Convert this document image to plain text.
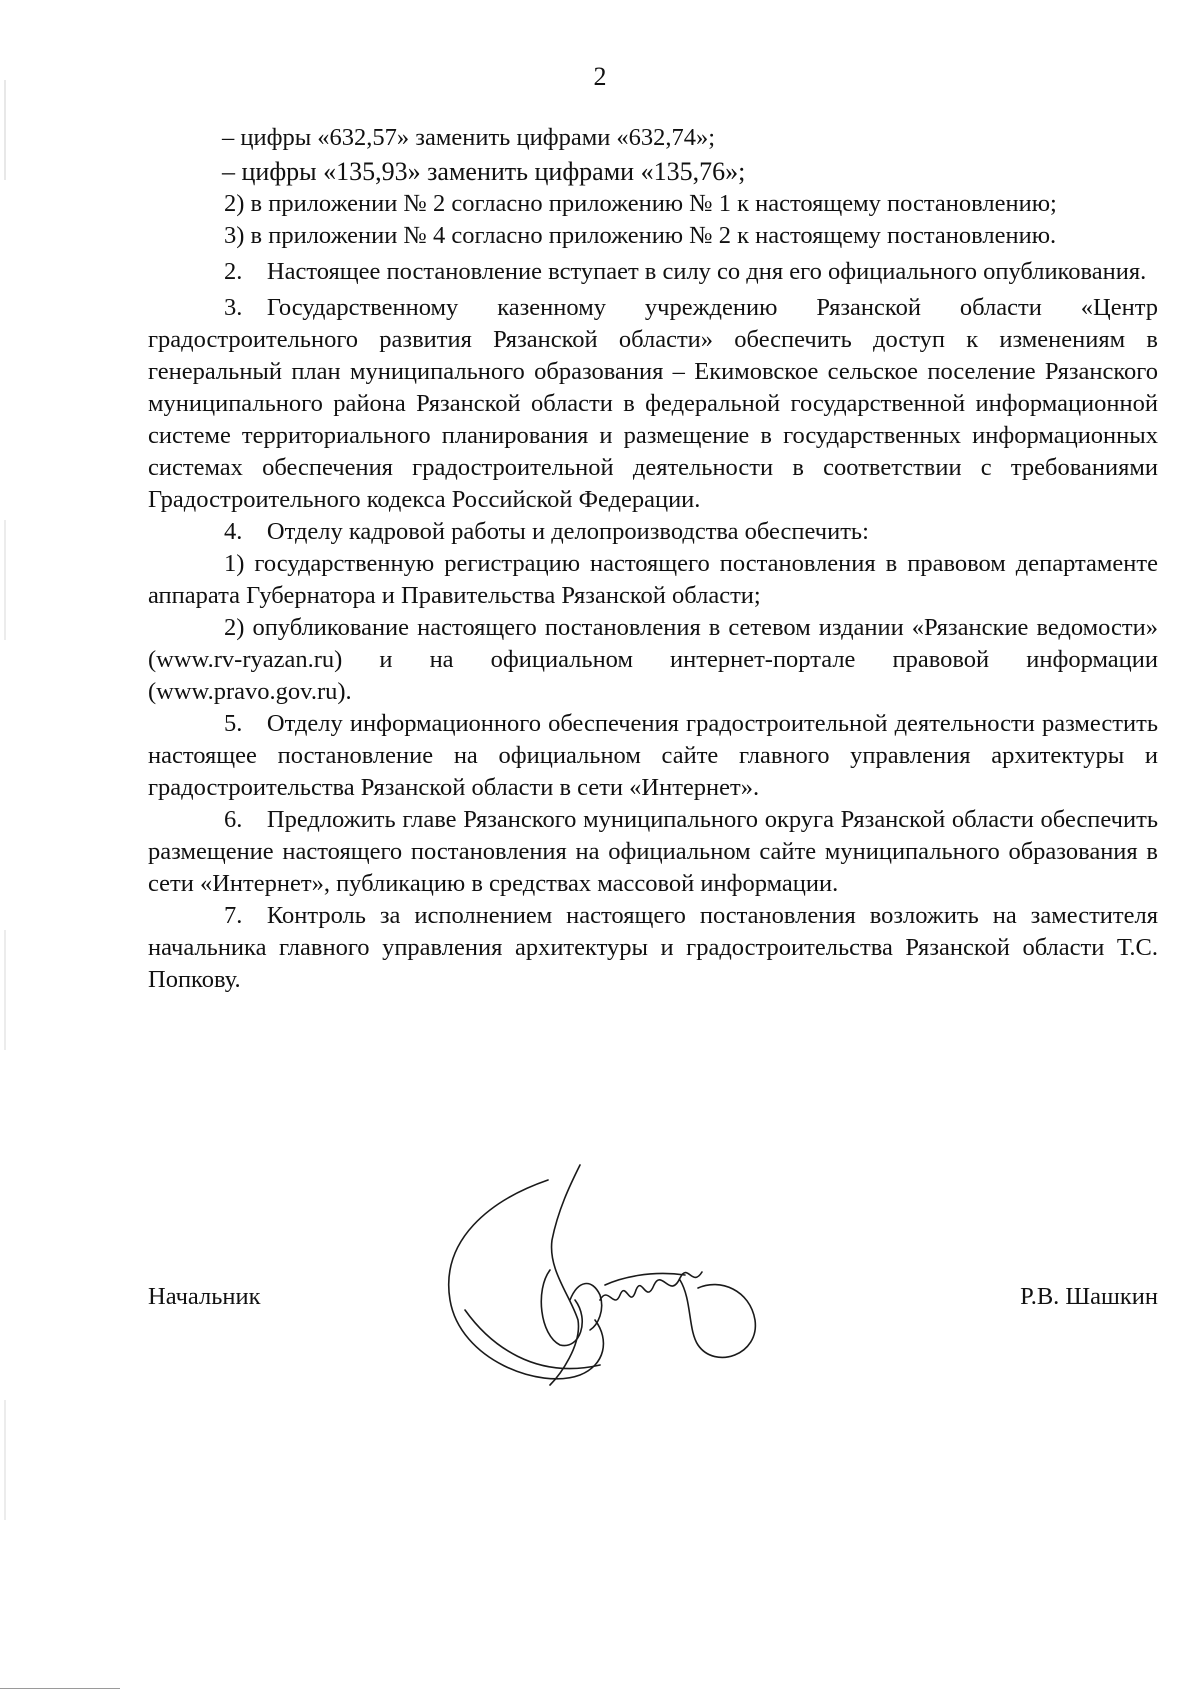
2

– цифры «632,57» заменить цифрами «632,74»;

– цифры «135,93» заменить цифрами «135,76»;

2) в приложении № 2 согласно приложению № 1 к настоящему постановлению;

3) в приложении № 4 согласно приложению № 2 к настоящему постановлению.

2. Настоящее постановление вступает в силу со дня его официального опубликования.

3. Государственному казенному учреждению Рязанской области «Центр градостроительного развития Рязанской области» обеспечить доступ к изменениям в генеральный план муниципального образования – Екимовское сельское поселение Рязанского муниципального района Рязанской области в федеральной государственной информационной системе территориального планирования и размещение в государственных информационных системах обеспечения градостроительной деятельности в соответствии с требованиями Градостроительного кодекса Российской Федерации.

4. Отделу кадровой работы и делопроизводства обеспечить:

1) государственную регистрацию настоящего постановления в правовом департаменте аппарата Губернатора и Правительства Рязанской области;

2) опубликование настоящего постановления в сетевом издании «Рязанские ведомости» (www.rv-ryazan.ru) и на официальном интернет-портале правовой информации (www.pravo.gov.ru).

5. Отделу информационного обеспечения градостроительной деятельности разместить настоящее постановление на официальном сайте главного управления архитектуры и градостроительства Рязанской области в сети «Интернет».

6. Предложить главе Рязанского муниципального округа Рязанской области обеспечить размещение настоящего постановления на официальном сайте муниципального образования в сети «Интернет», публикацию в средствах массовой информации.

7. Контроль за исполнением настоящего постановления возложить на заместителя начальника главного управления архитектуры и градостроительства Рязанской области Т.С. Попкову.

Начальник	Р.В. Шашкин
